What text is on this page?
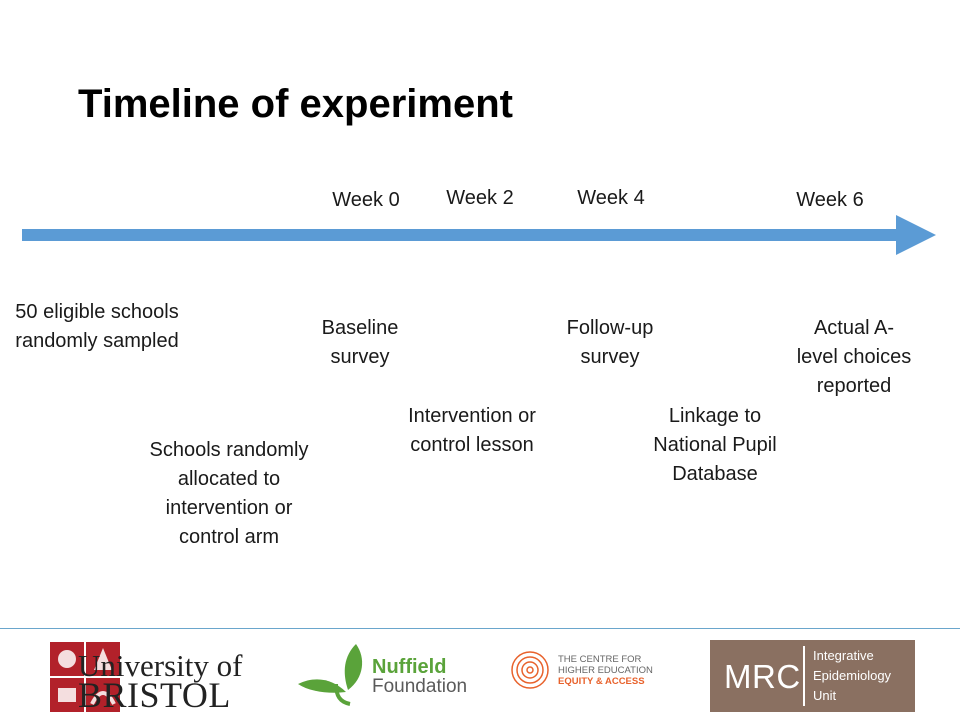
Timeline of experiment
Week 0	Week 2	Week 4	Week 6
50 eligible schools
randomly sampled
Schools randomly
allocated to
intervention or
control arm
Baseline
survey
Intervention or
control lesson
Follow-up
survey
Linkage to
National Pupil
Database
Actual A-
level choices
reported
University of
BRISTOL
Nuffield
Foundation
THE CENTRE FOR
HIGHER EDUCATION
EQUITY & ACCESS MRC
Integrative
Epidemiology
Unit
